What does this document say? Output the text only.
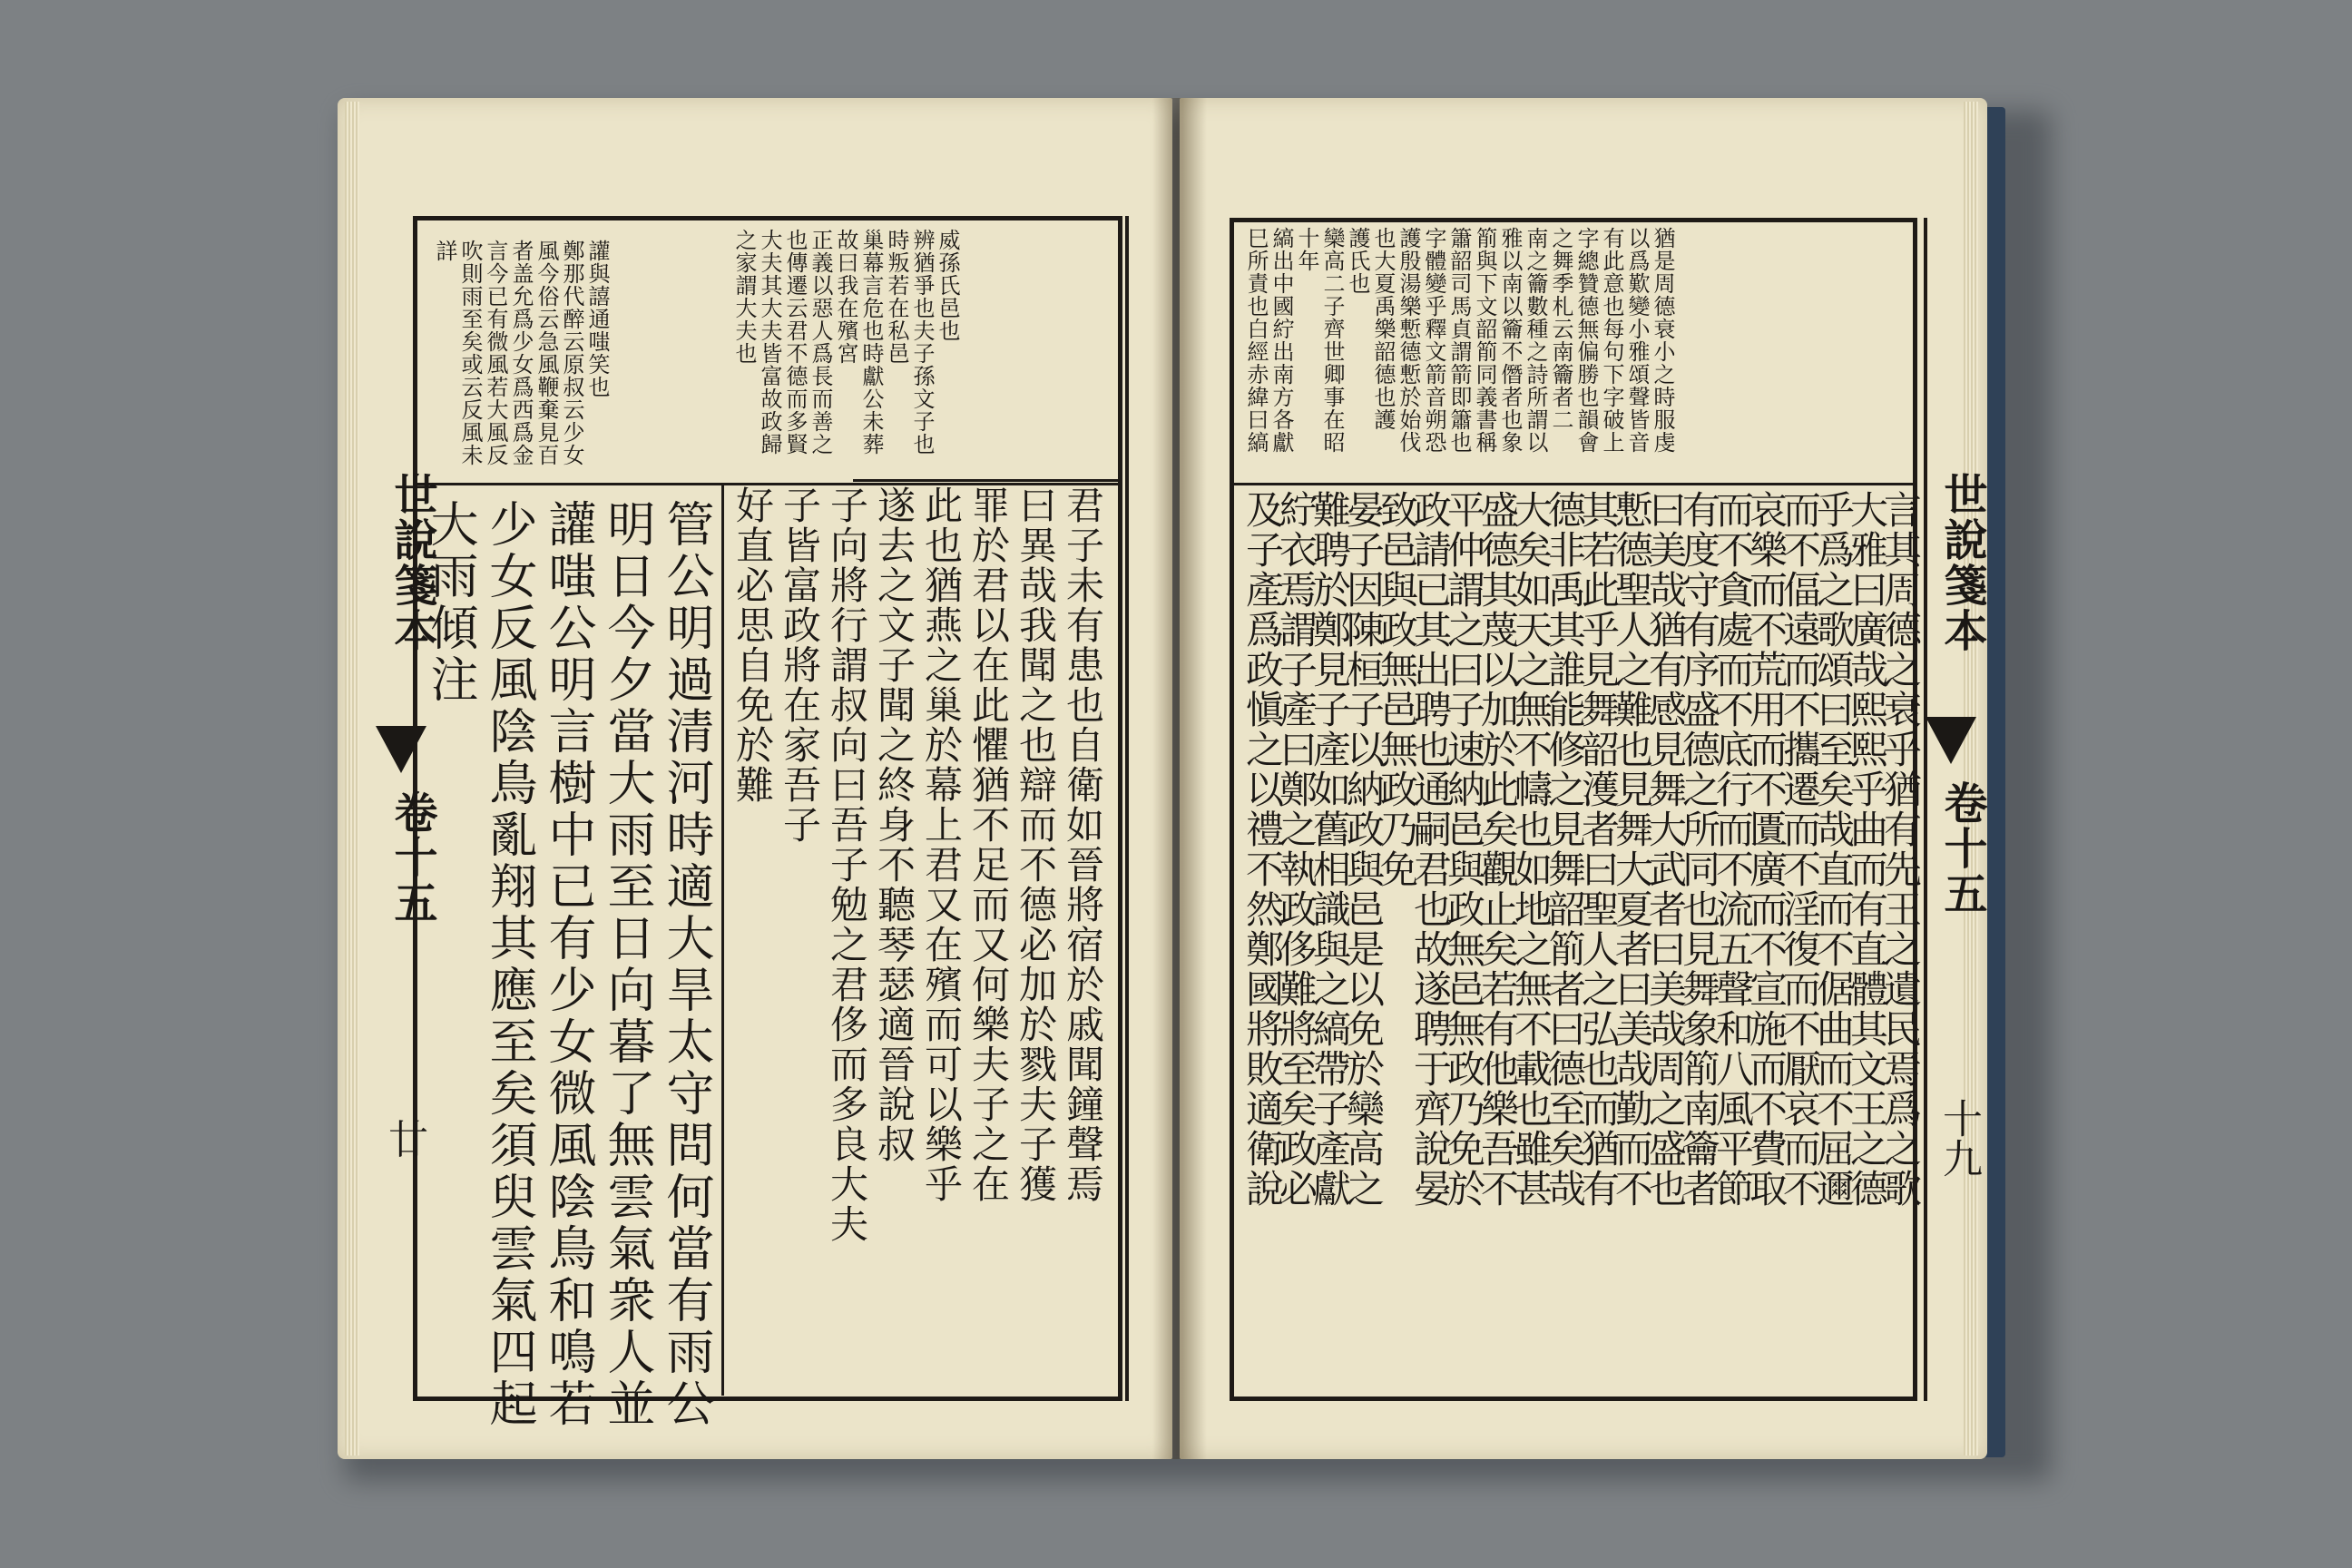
詳 吹則雨至矣或云反風未 言今已有微風若大風反 者盖允爲少女爲西爲金 風今俗云急風鞭棄見百 鄭那代醉云原叔云少女 讙與譆通嗤笑也	之家謂大夫也 大夫其大夫皆富故政歸 也傳遷云君不德而多賢 正義以惡人爲長而善之 故曰我在殯宮 巢幕言危也時獻公未葬 時叛若在私邑 辨猶爭也夫子孫文子也 威孫氏邑也
大雨傾注 少女反風陰鳥亂翔其應至矣須臾雲氣四起 讙嗤公明言樹中已有少女微風陰鳥和鳴若 明日今夕當大雨至日向暮了無雲氣衆人並 管公明過清河時適大旱太守問何當有雨公 好直必思自免於難 子皆富政將在家吾子 子向將行謂叔向曰吾子勉之君侈而多良大夫 遂去之文子聞之終身不聽琴瑟適晉說叔 此也猶燕之巢於幕上君又在殯而可以樂乎 罪於君以在此懼猶不足而又何樂夫子之在 曰異哉我聞之也辯而不德必加於戮夫子獲 君子未有患也自衛如晉將宿於戚聞鐘聲焉
世說箋本
卷十五
廿
巳所責也白經赤緯曰縞 縞出中國紵出南方各獻 十年 欒高二子齊世卿事在昭 護氏也 也大夏禹樂韶德也護 護殷湯樂慙德慙於始伐 字體變乎釋文箭音朔恐 簫韶司馬貞謂箭即簫也 箾與下文韶箾同義書稱 雅以南以籥不僭者也象 南之籥數種之詩所謂以 之舞季札云南籥者二 字總贊德無偏勝也韻會 有此意也每句下字破上 以爲歎變小雅頌聲皆音 猶是周德衰小之時服虔
及子產爲政愼之以禮不然鄭國將敗適衛說
紵衣焉謂子產曰鄭之執政侈難將至矣政必
難聘於鄭見子產如舊相識與之縞帶子產獻
晏子因陳桓子以納政與邑是以免於欒高之
致邑與政無邑無政乃免
政請已其出聘也通嗣君也故遂聘于齊說晏
平仲謂之曰子速納邑與政無邑無政乃免於
盛德其蔑以加於此矣觀止矣若有他樂吾不
大矣如天之無不幬也如地之無不載也雖甚
德非禹其誰能修之見舞韶箾者曰德至矣哉
其若此乎見舞韶濩者曰聖人之弘也而猶有
慙德聖人之難也見舞大夏者曰美哉勤而不
曰美哉猶有感見舞大武者曰美哉周之盛也
有度守有序盛德之所同也見舞象箾南籥者
而不貪處而不底行而不流五聲和八風平節
哀樂而不荒用而不匱廣而不宣施而不費取
而不偪遠而不攜遷而不淫復而不厭哀而不
乎爲之歌頌曰至矣哉直而不倨曲而不屈邇
大雅曰廣哉熙熙乎曲而有直體其文王之德
言其周德之衰乎猶有先王之遺民焉爲之歌 世說箋本
卷十五
十九
